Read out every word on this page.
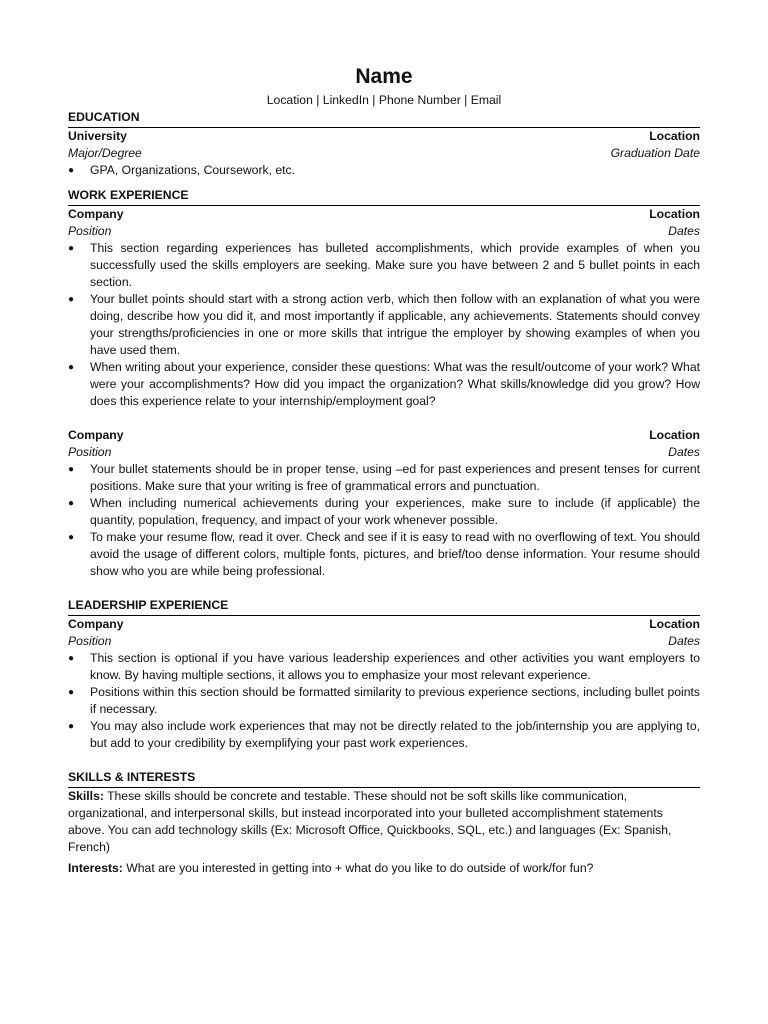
Name
Location | LinkedIn | Phone Number | Email
EDUCATION
University	Location
Major/Degree	Graduation Date
● GPA, Organizations, Coursework, etc.
WORK EXPERIENCE
Company	Location
Position	Dates
● This section regarding experiences has bulleted accomplishments, which provide examples of when you successfully used the skills employers are seeking. Make sure you have between 2 and 5 bullet points in each section.
● Your bullet points should start with a strong action verb, which then follow with an explanation of what you were doing, describe how you did it, and most importantly if applicable, any achievements. Statements should convey your strengths/proficiencies in one or more skills that intrigue the employer by showing examples of when you have used them.
● When writing about your experience, consider these questions: What was the result/outcome of your work? What were your accomplishments? How did you impact the organization? What skills/knowledge did you grow? How does this experience relate to your internship/employment goal?
Company	Location
Position	Dates
● Your bullet statements should be in proper tense, using –ed for past experiences and present tenses for current positions. Make sure that your writing is free of grammatical errors and punctuation.
● When including numerical achievements during your experiences, make sure to include (if applicable) the quantity, population, frequency, and impact of your work whenever possible.
● To make your resume flow, read it over. Check and see if it is easy to read with no overflowing of text. You should avoid the usage of different colors, multiple fonts, pictures, and brief/too dense information. Your resume should show who you are while being professional.
LEADERSHIP EXPERIENCE
Company	Location
Position	Dates
● This section is optional if you have various leadership experiences and other activities you want employers to know. By having multiple sections, it allows you to emphasize your most relevant experience.
● Positions within this section should be formatted similarity to previous experience sections, including bullet points if necessary.
● You may also include work experiences that may not be directly related to the job/internship you are applying to, but add to your credibility by exemplifying your past work experiences.
SKILLS & INTERESTS

Skills: These skills should be concrete and testable. These should not be soft skills like communication, organizational, and interpersonal skills, but instead incorporated into your bulleted accomplishment statements above. You can add technology skills (Ex: Microsoft Office, Quickbooks, SQL, etc.) and languages (Ex: Spanish, French)

Interests: What are you interested in getting into + what do you like to do outside of work/for fun?
